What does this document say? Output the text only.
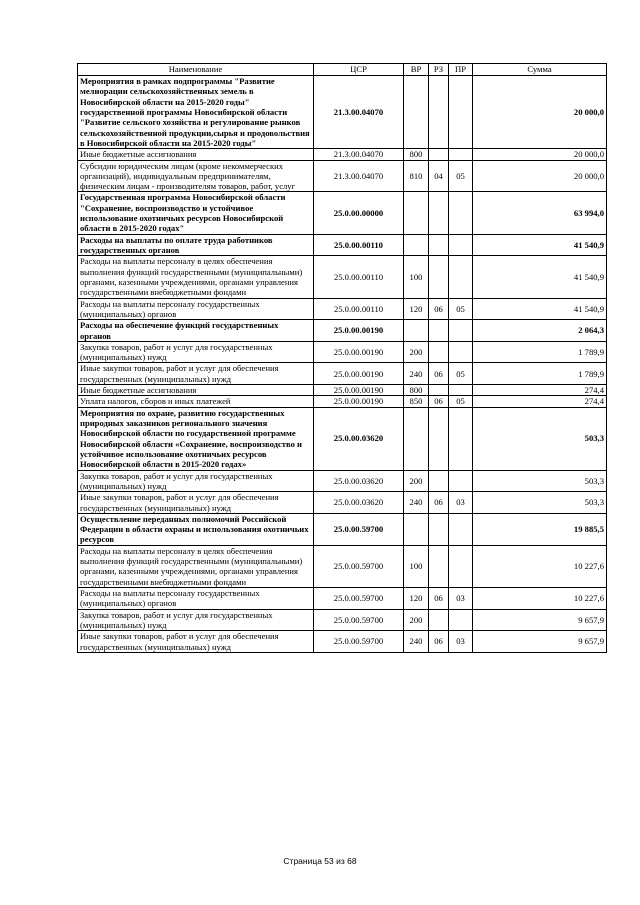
Наименование	ЦСР	ВР	РЗ	ПР	Сумма
Мероприятия в рамках подпрограммы "Развитие мелиорации сельскохозяйственных земель в Новосибирской области на 2015-2020 годы" государственной программы Новосибирской области "Развитие сельского хозяйства и регулирование рынков сельскохозяйственной продукции,сырья и продовольствия в Новосибирской области на 2015-2020 годы"	21.3.00.04070				20 000,0
Иные бюджетные ассигнования	21.3.00.04070	800			20 000,0
Субсидии юридическим лицам (кроме некоммерческих организаций), индивидуальным предпринимателям, физическим лицам - производителям товаров, работ, услуг	21.3.00.04070	810	04	05	20 000,0
Государственная программа Новосибирской области "Сохранение, воспроизводство и устойчивое использование охотничьих ресурсов Новосибирской области в 2015-2020 годах"	25.0.00.00000				63 994,0
Расходы на выплаты по оплате труда работников государственных органов	25.0.00.00110				41 540,9
Расходы на выплаты персоналу в целях обеспечения выполнения функций государственными (муниципальными) органами, казенными учреждениями, органами управления государственными внебюджетными фондами	25.0.00.00110	100			41 540,9
Расходы на выплаты персоналу государственных (муниципальных) органов	25.0.00.00110	120	06	05	41 540,9
Расходы на обеспечение функций государственных органов	25.0.00.00190				2 064,3
Закупка товаров, работ и услуг для государственных (муниципальных) нужд	25.0.00.00190	200			1 789,9
Иные закупки товаров, работ и услуг для обеспечения государственных (муниципальных) нужд	25.0.00.00190	240	06	05	1 789,9
Иные бюджетные ассигнования	25.0.00.00190	800			274,4
Уплата налогов, сборов и иных платежей	25.0.00.00190	850	06	05	274,4
Мероприятия по охране, развитию государственных природных заказников регионального значения Новосибирской области по государственной программе Новосибирской области «Сохранение, воспроизводство и устойчивое использование охотничьих ресурсов Новосибирской области в 2015-2020 годах»	25.0.00.03620				503,3
Закупка товаров, работ и услуг для государственных (муниципальных) нужд	25.0.00.03620	200			503,3
Иные закупки товаров, работ и услуг для обеспечения государственных (муниципальных) нужд	25.0.00.03620	240	06	03	503,3
Осуществление переданных полномочий Российской Федерации в области охраны и использования охотничьих ресурсов	25.0.00.59700				19 885,5
Расходы на выплаты персоналу в целях обеспечения выполнения функций государственными (муниципальными) органами, казенными учреждениями, органами управления государственными внебюджетными фондами	25.0.00.59700	100			10 227,6
Расходы на выплаты персоналу государственных (муниципальных) органов	25.0.00.59700	120	06	03	10 227,6
Закупка товаров, работ и услуг для государственных (муниципальных) нужд	25.0.00.59700	200			9 657,9
Иные закупки товаров, работ и услуг для обеспечения государственных (муниципальных) нужд	25.0.00.59700	240	06	03	9 657,9
Страница 53 из 68
